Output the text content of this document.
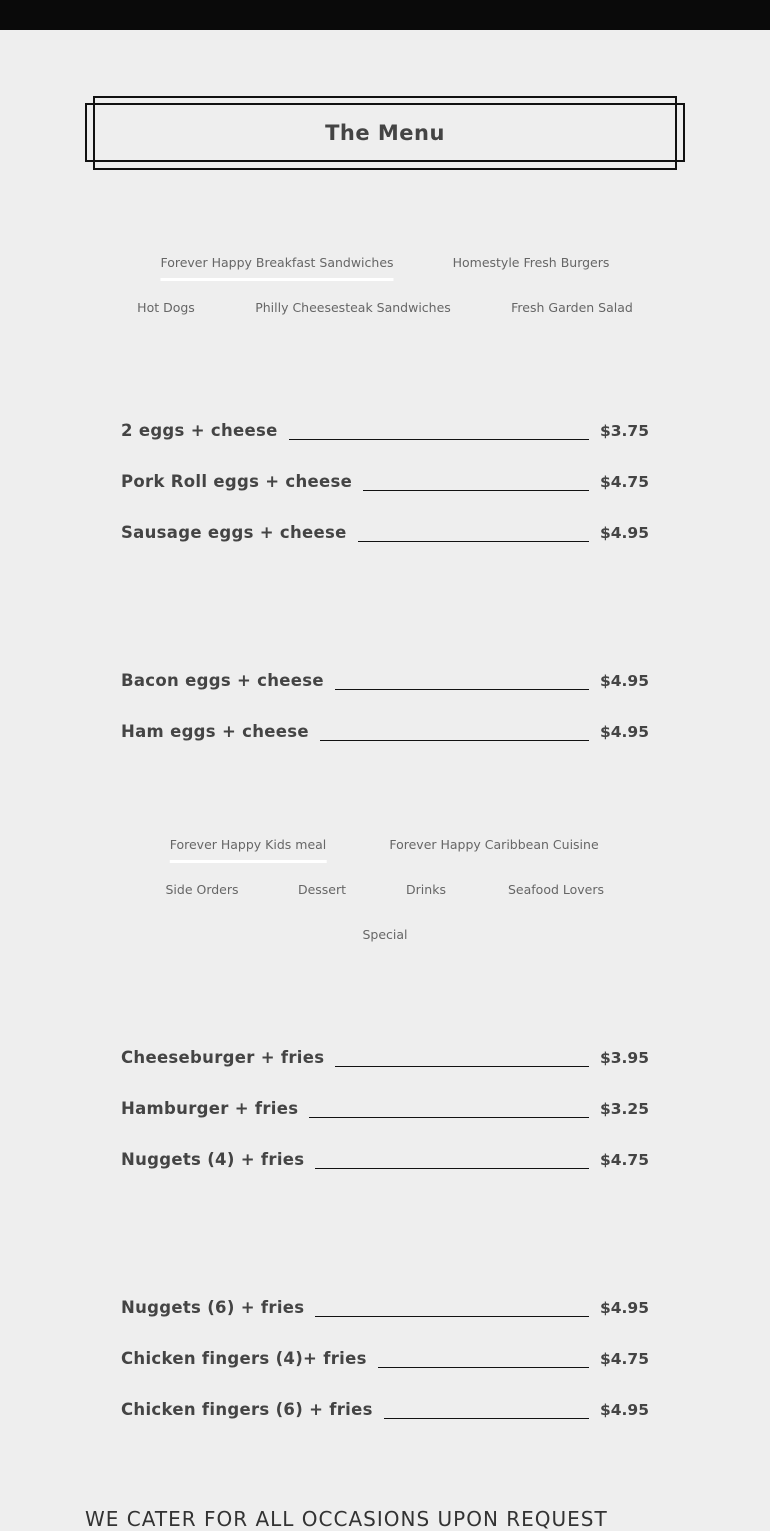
The Menu
Forever Happy Breakfast Sandwiches	Homestyle Fresh Burgers
Hot Dogs	Philly Cheesesteak Sandwiches	Fresh Garden Salad
2 eggs + cheese	$3.75
Pork Roll eggs + cheese	$4.75
Sausage eggs + cheese	$4.95
Bacon eggs + cheese	$4.95
Ham eggs + cheese	$4.95
Forever Happy Kids meal	Forever Happy Caribbean Cuisine
Side Orders	Dessert	Drinks	Seafood Lovers
Special
Cheeseburger + fries	$3.95
Hamburger + fries	$3.25
Nuggets (4) + fries	$4.75
Nuggets (6) + fries	$4.95
Chicken fingers (4)+ fries	$4.75
Chicken fingers (6) + fries	$4.95
WE CATER FOR ALL OCCASIONS UPON REQUEST
